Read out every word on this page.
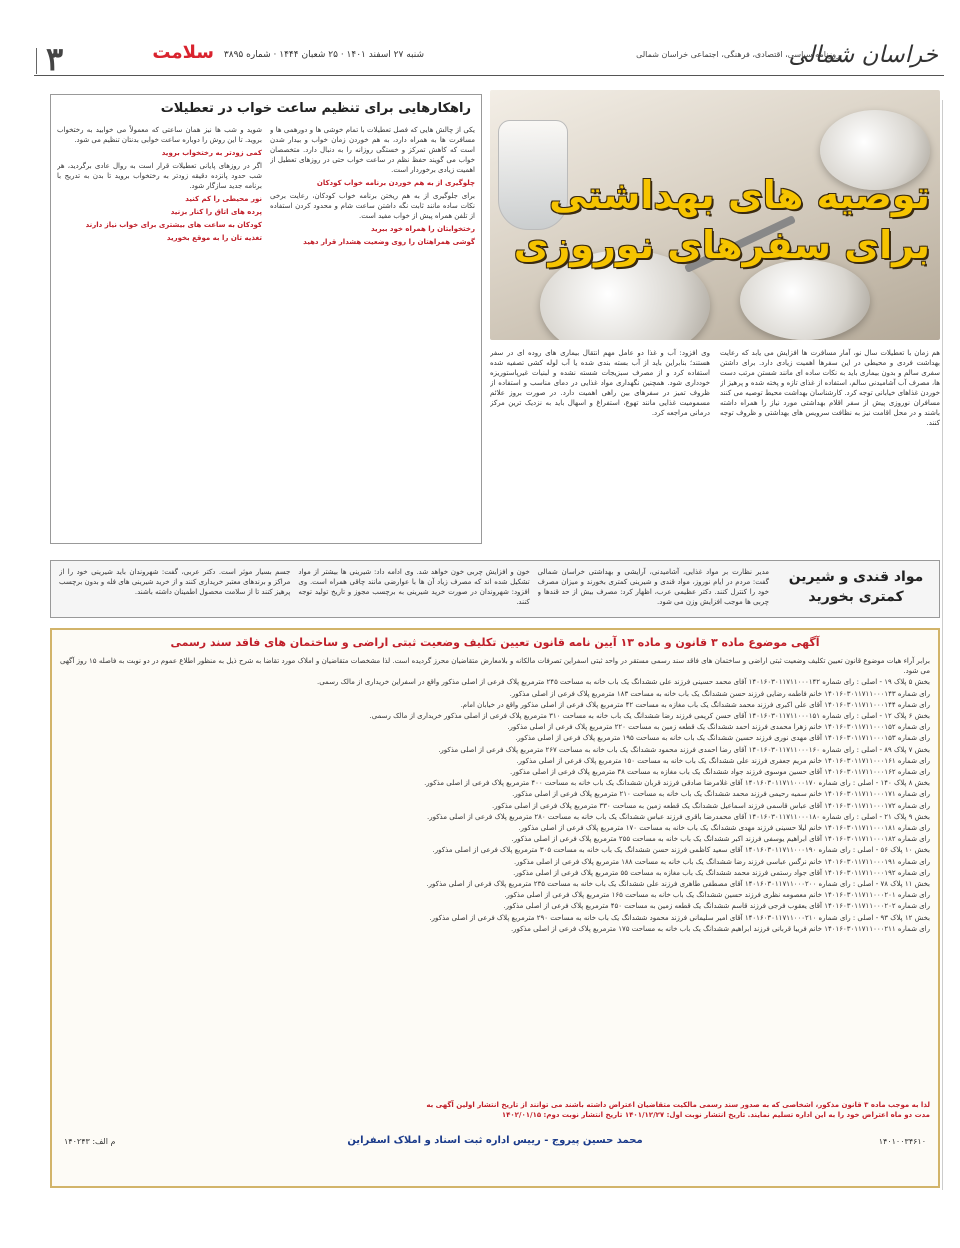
خراسان شمالی
روزنامه سیاسی، اقتصادی، فرهنگی، اجتماعی خراسان شمالی
شنبه ۲۷ اسفند ۱۴۰۱ · ۲۵ شعبان ۱۴۴۴ · شماره ۳۸۹۵
سلامت
۳
توصیه های بهداشتی
برای سفرهای نوروزی
هم زمان با تعطیلات سال نو، آمار مسافرت ها افزایش می یابد که رعایت بهداشت فردی و محیطی در این سفرها اهمیت زیادی دارد. برای داشتن سفری سالم و بدون بیماری باید به نکات ساده ای مانند شستن مرتب دست ها، مصرف آب آشامیدنی سالم، استفاده از غذای تازه و پخته شده و پرهیز از خوردن غذاهای خیابانی توجه کرد. کارشناسان بهداشت محیط توصیه می کنند مسافران نوروزی پیش از سفر اقلام بهداشتی مورد نیاز را همراه داشته باشند و در محل اقامت نیز به نظافت سرویس های بهداشتی و ظروف توجه کنند.
وی افزود: آب و غذا دو عامل مهم انتقال بیماری های روده ای در سفر هستند؛ بنابراین باید از آب بسته بندی شده یا آب لوله کشی تصفیه شده استفاده کرد و از مصرف سبزیجات شسته نشده و لبنیات غیرپاستوریزه خودداری شود. همچنین نگهداری مواد غذایی در دمای مناسب و استفاده از ظروف تمیز در سفرهای بین راهی اهمیت دارد. در صورت بروز علائم مسمومیت غذایی مانند تهوع، استفراغ و اسهال باید به نزدیک ترین مرکز درمانی مراجعه کرد.
راهکارهایی برای تنظیم ساعت خواب در تعطیلات
یکی از چالش هایی که فصل تعطیلات با تمام خوشی ها و دورهمی ها و مسافرت ها به همراه دارد، به هم خوردن زمان خواب و بیدار شدن است که کاهش تمرکز و خستگی روزانه را به دنبال دارد. متخصصان خواب می گویند حفظ نظم در ساعت خواب حتی در روزهای تعطیل از اهمیت زیادی برخوردار است.
چلوگیری از به هم خوردن برنامه خواب کودکان
برای جلوگیری از به هم ریختن برنامه خواب کودکان، رعایت برخی نکات ساده مانند ثابت نگه داشتن ساعت شام و محدود کردن استفاده از تلفن همراه پیش از خواب مفید است.
رختخوابتان را همراه خود ببرید
گوشی همراهتان را روی وضعیت هشدار قرار دهید
شوید و شب ها نیز همان ساعتی که معمولاً می خوابید به رختخواب بروید. تا این روش را دوباره ساعت خوابی بدنتان تنظیم می شود.
کمی زودتر به رختخواب بروید
اگر در روزهای پایانی تعطیلات قرار است به روال عادی برگردید، هر شب حدود پانزده دقیقه زودتر به رختخواب بروید تا بدن به تدریج با برنامه جدید سازگار شود.
نور محیطی را کم کنید
پرده های اتاق را کنار بزنید
کودکان به ساعت های بیشتری برای خواب نیاز دارند
تغذیه تان را به موقع بخورید
مواد قندی و شیرین کمتری بخورید
مدیر نظارت بر مواد غذایی، آشامیدنی، آرایشی و بهداشتی خراسان شمالی گفت: مردم در ایام نوروز، مواد قندی و شیرینی کمتری بخورند و میزان مصرف خود را کنترل کنند. دکتر عظیمی عرب، اظهار کرد: مصرف بیش از حد قندها و چربی ها موجب افزایش وزن می شود.
خون و افزایش چربی خون خواهد شد. وی ادامه داد: شیرینی ها بیشتر از مواد تشکیل شده اند که مصرف زیاد آن ها با عوارضی مانند چاقی همراه است. وی افزود: شهروندان در صورت خرید شیرینی به برچسب مجوز و تاریخ تولید توجه کنند.
جسم بسیار موثر است. دکتر عربی، گفت: شهروندان باید شیرینی خود را از مراکز و برندهای معتبر خریداری کنند و از خرید شیرینی های فله و بدون برچسب پرهیز کنند تا از سلامت محصول اطمینان داشته باشند.
آگهی موضوع ماده ۳ قانون و ماده ۱۳ آیین نامه قانون تعیین تکلیف وضعیت ثبتی اراضی و ساختمان های فاقد سند رسمی
برابر آراء هیات موضوع قانون تعیین تکلیف وضعیت ثبتی اراضی و ساختمان های فاقد سند رسمی مستقر در واحد ثبتی اسفراین تصرفات مالکانه و بلامعارض متقاضیان محرز گردیده است. لذا مشخصات متقاضیان و املاک مورد تقاضا به شرح ذیل به منظور اطلاع عموم در دو نوبت به فاصله ۱۵ روز آگهی می شود.
بخش ۵ پلاک ۱۹ - اصلی : رای شماره ۱۴۰۱۶۰۳۰۱۱۷۱۱۰۰۰۱۴۲ آقای محمد حسینی فرزند علی ششدانگ یک باب خانه به مساحت ۲۴۵ مترمربع پلاک فرعی از اصلی مذکور واقع در اسفراین خریداری از مالک رسمی.
رای شماره ۱۴۰۱۶۰۳۰۱۱۷۱۱۰۰۰۱۴۳ خانم فاطمه رضایی فرزند حسن ششدانگ یک باب خانه به مساحت ۱۸۳ مترمربع پلاک فرعی از اصلی مذکور.
رای شماره ۱۴۰۱۶۰۳۰۱۱۷۱۱۰۰۰۱۴۴ آقای علی اکبری فرزند محمد ششدانگ یک باب مغازه به مساحت ۴۲ مترمربع پلاک فرعی از اصلی مذکور واقع در خیابان امام.
بخش ۶ پلاک ۱۲ - اصلی : رای شماره ۱۴۰۱۶۰۳۰۱۱۷۱۱۰۰۰۱۵۱ آقای حسن کریمی فرزند رضا ششدانگ یک باب خانه به مساحت ۳۱۰ مترمربع پلاک فرعی از اصلی مذکور خریداری از مالک رسمی.
رای شماره ۱۴۰۱۶۰۳۰۱۱۷۱۱۰۰۰۱۵۲ خانم زهرا محمدی فرزند احمد ششدانگ یک قطعه زمین به مساحت ۲۲۰ مترمربع پلاک فرعی از اصلی مذکور.
رای شماره ۱۴۰۱۶۰۳۰۱۱۷۱۱۰۰۰۱۵۳ آقای مهدی نوری فرزند حسین ششدانگ یک باب خانه به مساحت ۱۹۵ مترمربع پلاک فرعی از اصلی مذکور.
بخش ۷ پلاک ۸۹ - اصلی : رای شماره ۱۴۰۱۶۰۳۰۱۱۷۱۱۰۰۰۱۶۰ آقای رضا احمدی فرزند محمود ششدانگ یک باب خانه به مساحت ۲۶۷ مترمربع پلاک فرعی از اصلی مذکور.
رای شماره ۱۴۰۱۶۰۳۰۱۱۷۱۱۰۰۰۱۶۱ خانم مریم جعفری فرزند علی ششدانگ یک باب خانه به مساحت ۱۵۰ مترمربع پلاک فرعی از اصلی مذکور.
رای شماره ۱۴۰۱۶۰۳۰۱۱۷۱۱۰۰۰۱۶۲ آقای حسین موسوی فرزند جواد ششدانگ یک باب مغازه به مساحت ۳۸ مترمربع پلاک فرعی از اصلی مذکور.
بخش ۸ پلاک ۱۴۰ - اصلی : رای شماره ۱۴۰۱۶۰۳۰۱۱۷۱۱۰۰۰۱۷۰ آقای غلامرضا صادقی فرزند قربان ششدانگ یک باب خانه به مساحت ۴۰۰ مترمربع پلاک فرعی از اصلی مذکور.
رای شماره ۱۴۰۱۶۰۳۰۱۱۷۱۱۰۰۰۱۷۱ خانم سمیه رحیمی فرزند محمد ششدانگ یک باب خانه به مساحت ۲۱۰ مترمربع پلاک فرعی از اصلی مذکور.
رای شماره ۱۴۰۱۶۰۳۰۱۱۷۱۱۰۰۰۱۷۲ آقای عباس قاسمی فرزند اسماعیل ششدانگ یک قطعه زمین به مساحت ۳۳۰ مترمربع پلاک فرعی از اصلی مذکور.
بخش ۹ پلاک ۲۱ - اصلی : رای شماره ۱۴۰۱۶۰۳۰۱۱۷۱۱۰۰۰۱۸۰ آقای محمدرضا باقری فرزند عباس ششدانگ یک باب خانه به مساحت ۲۸۰ مترمربع پلاک فرعی از اصلی مذکور.
رای شماره ۱۴۰۱۶۰۳۰۱۱۷۱۱۰۰۰۱۸۱ خانم لیلا حسینی فرزند مهدی ششدانگ یک باب خانه به مساحت ۱۷۰ مترمربع پلاک فرعی از اصلی مذکور.
رای شماره ۱۴۰۱۶۰۳۰۱۱۷۱۱۰۰۰۱۸۲ آقای ابراهیم یوسفی فرزند اکبر ششدانگ یک باب خانه به مساحت ۲۵۵ مترمربع پلاک فرعی از اصلی مذکور.
بخش ۱۰ پلاک ۵۶ - اصلی : رای شماره ۱۴۰۱۶۰۳۰۱۱۷۱۱۰۰۰۱۹۰ آقای سعید کاظمی فرزند حسن ششدانگ یک باب خانه به مساحت ۳۰۵ مترمربع پلاک فرعی از اصلی مذکور.
رای شماره ۱۴۰۱۶۰۳۰۱۱۷۱۱۰۰۰۱۹۱ خانم نرگس عباسی فرزند رضا ششدانگ یک باب خانه به مساحت ۱۸۸ مترمربع پلاک فرعی از اصلی مذکور.
رای شماره ۱۴۰۱۶۰۳۰۱۱۷۱۱۰۰۰۱۹۲ آقای جواد رستمی فرزند محمد ششدانگ یک باب مغازه به مساحت ۵۵ مترمربع پلاک فرعی از اصلی مذکور.
بخش ۱۱ پلاک ۷۸ - اصلی : رای شماره ۱۴۰۱۶۰۳۰۱۱۷۱۱۰۰۰۲۰۰ آقای مصطفی طاهری فرزند علی ششدانگ یک باب خانه به مساحت ۲۳۵ مترمربع پلاک فرعی از اصلی مذکور.
رای شماره ۱۴۰۱۶۰۳۰۱۱۷۱۱۰۰۰۲۰۱ خانم معصومه نظری فرزند حسین ششدانگ یک باب خانه به مساحت ۱۶۵ مترمربع پلاک فرعی از اصلی مذکور.
رای شماره ۱۴۰۱۶۰۳۰۱۱۷۱۱۰۰۰۲۰۲ آقای یعقوب فرجی فرزند قاسم ششدانگ یک قطعه زمین به مساحت ۴۵۰ مترمربع پلاک فرعی از اصلی مذکور.
بخش ۱۲ پلاک ۹۳ - اصلی : رای شماره ۱۴۰۱۶۰۳۰۱۱۷۱۱۰۰۰۲۱۰ آقای امیر سلیمانی فرزند محمود ششدانگ یک باب خانه به مساحت ۲۹۰ مترمربع پلاک فرعی از اصلی مذکور.
رای شماره ۱۴۰۱۶۰۳۰۱۱۷۱۱۰۰۰۲۱۱ خانم فریبا قربانی فرزند ابراهیم ششدانگ یک باب خانه به مساحت ۱۷۵ مترمربع پلاک فرعی از اصلی مذکور.
لذا به موجب ماده ۳ قانون مذکور، اشخاصی که به صدور سند رسمی مالکیت متقاضیان اعتراض داشته باشند می توانند از تاریخ انتشار اولین آگهی به مدت دو ماه اعتراض خود را به این اداره تسلیم نمایند. تاریخ انتشار نوبت اول: ۱۴۰۱/۱۲/۲۷ تاریخ انتشار نوبت دوم: ۱۴۰۲/۰۱/۱۵
محمد حسین پیروج - رییس اداره ثبت اسناد و املاک اسفراین
م الف: ۱۴۰۲۴۳	۱۴۰۱۰۰۳۴۶۱۰
